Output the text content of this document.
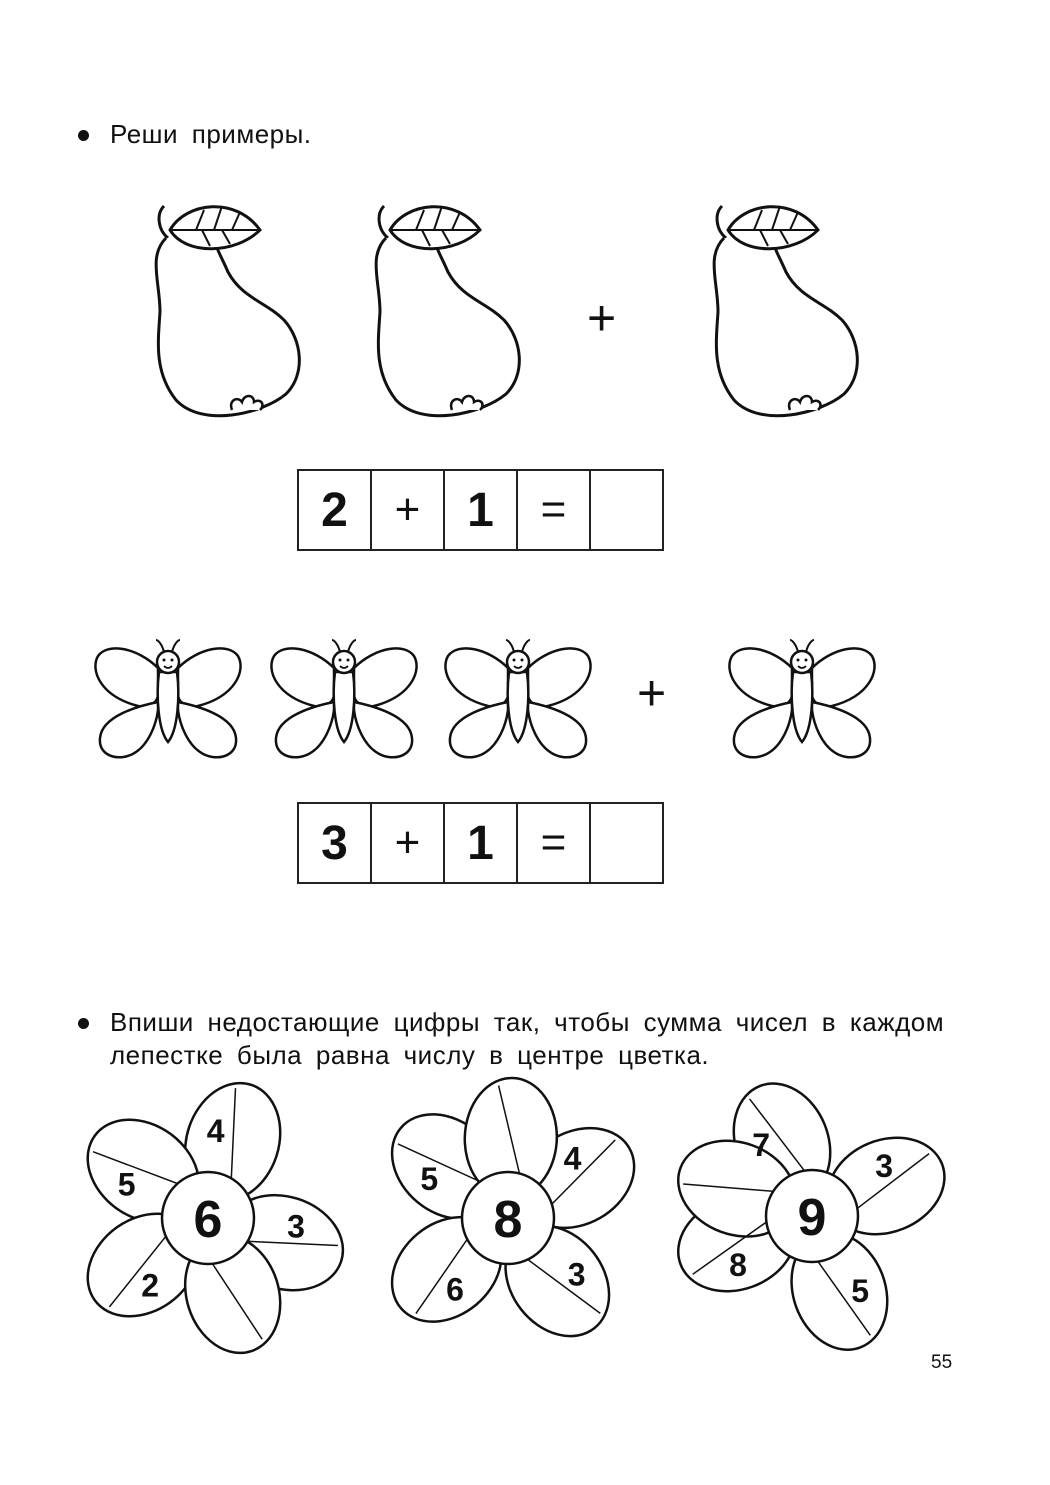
Реши примеры.
6
4
5
2
3	8
5
4
6	3
9
7
3
8
5
+
+
2	+ 1	=
3	+ 1	=
Впиши недостающие цифры так, чтобы сумма чисел в каждом
лепестке была равна числу в центре цветка.
55
